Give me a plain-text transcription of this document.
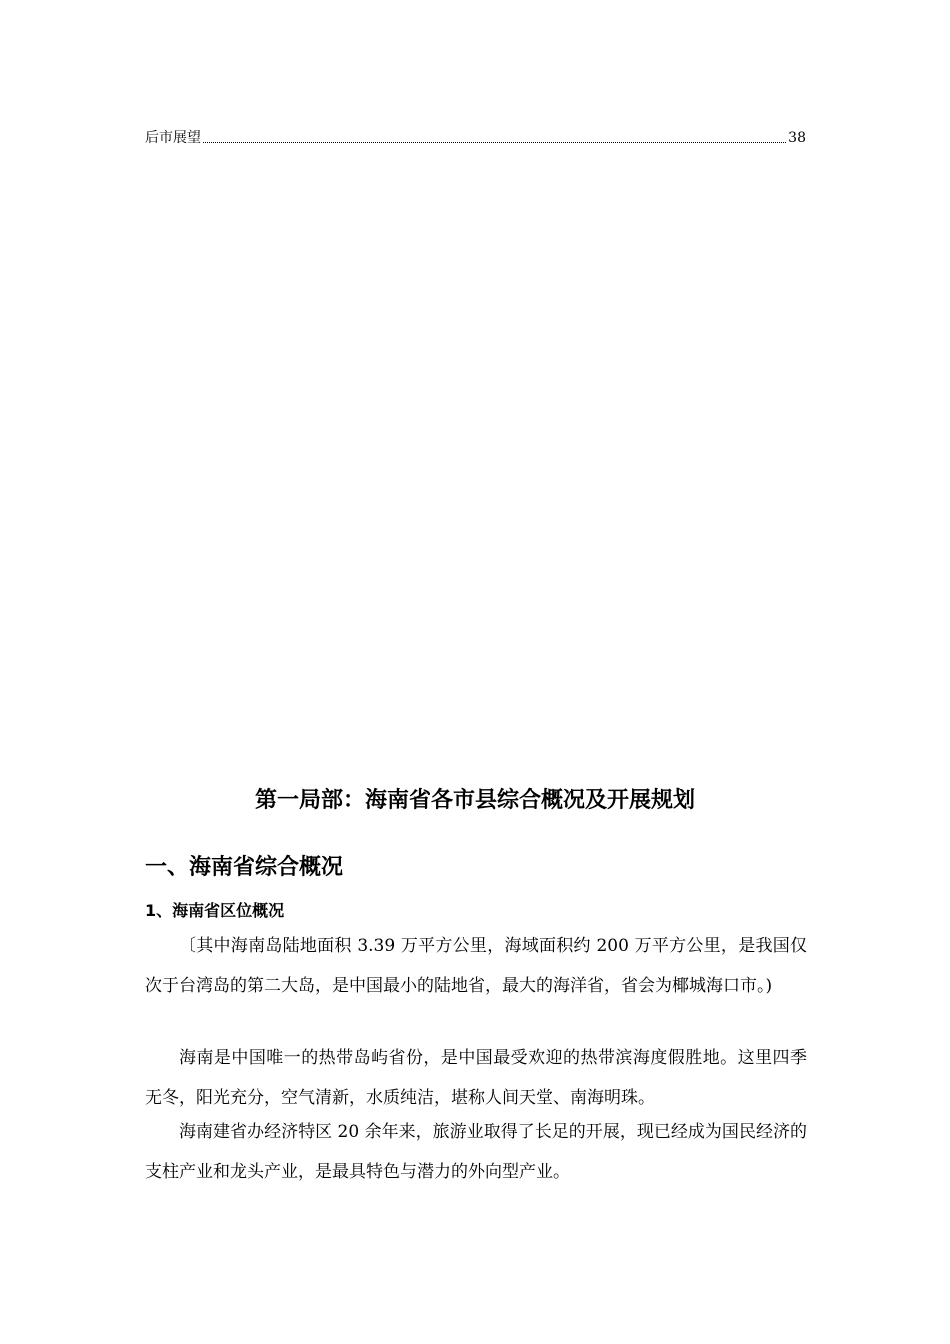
后市展望	38
第一局部：海南省各市县综合概况及开展规划
一、海南省综合概况
1、海南省区位概况

〔其中海南岛陆地面积 3.39 万平方公里，海域面积约 200 万平方公里，是我国仅次于台湾岛的第二大岛，是中国最小的陆地省，最大的海洋省，省会为椰城海口市。)

海南是中国唯一的热带岛屿省份，是中国最受欢迎的热带滨海度假胜地。这里四季无冬，阳光充分，空气清新，水质纯洁，堪称人间天堂、南海明珠。

海南建省办经济特区 20 余年来，旅游业取得了长足的开展，现已经成为国民经济的支柱产业和龙头产业，是最具特色与潜力的外向型产业。
